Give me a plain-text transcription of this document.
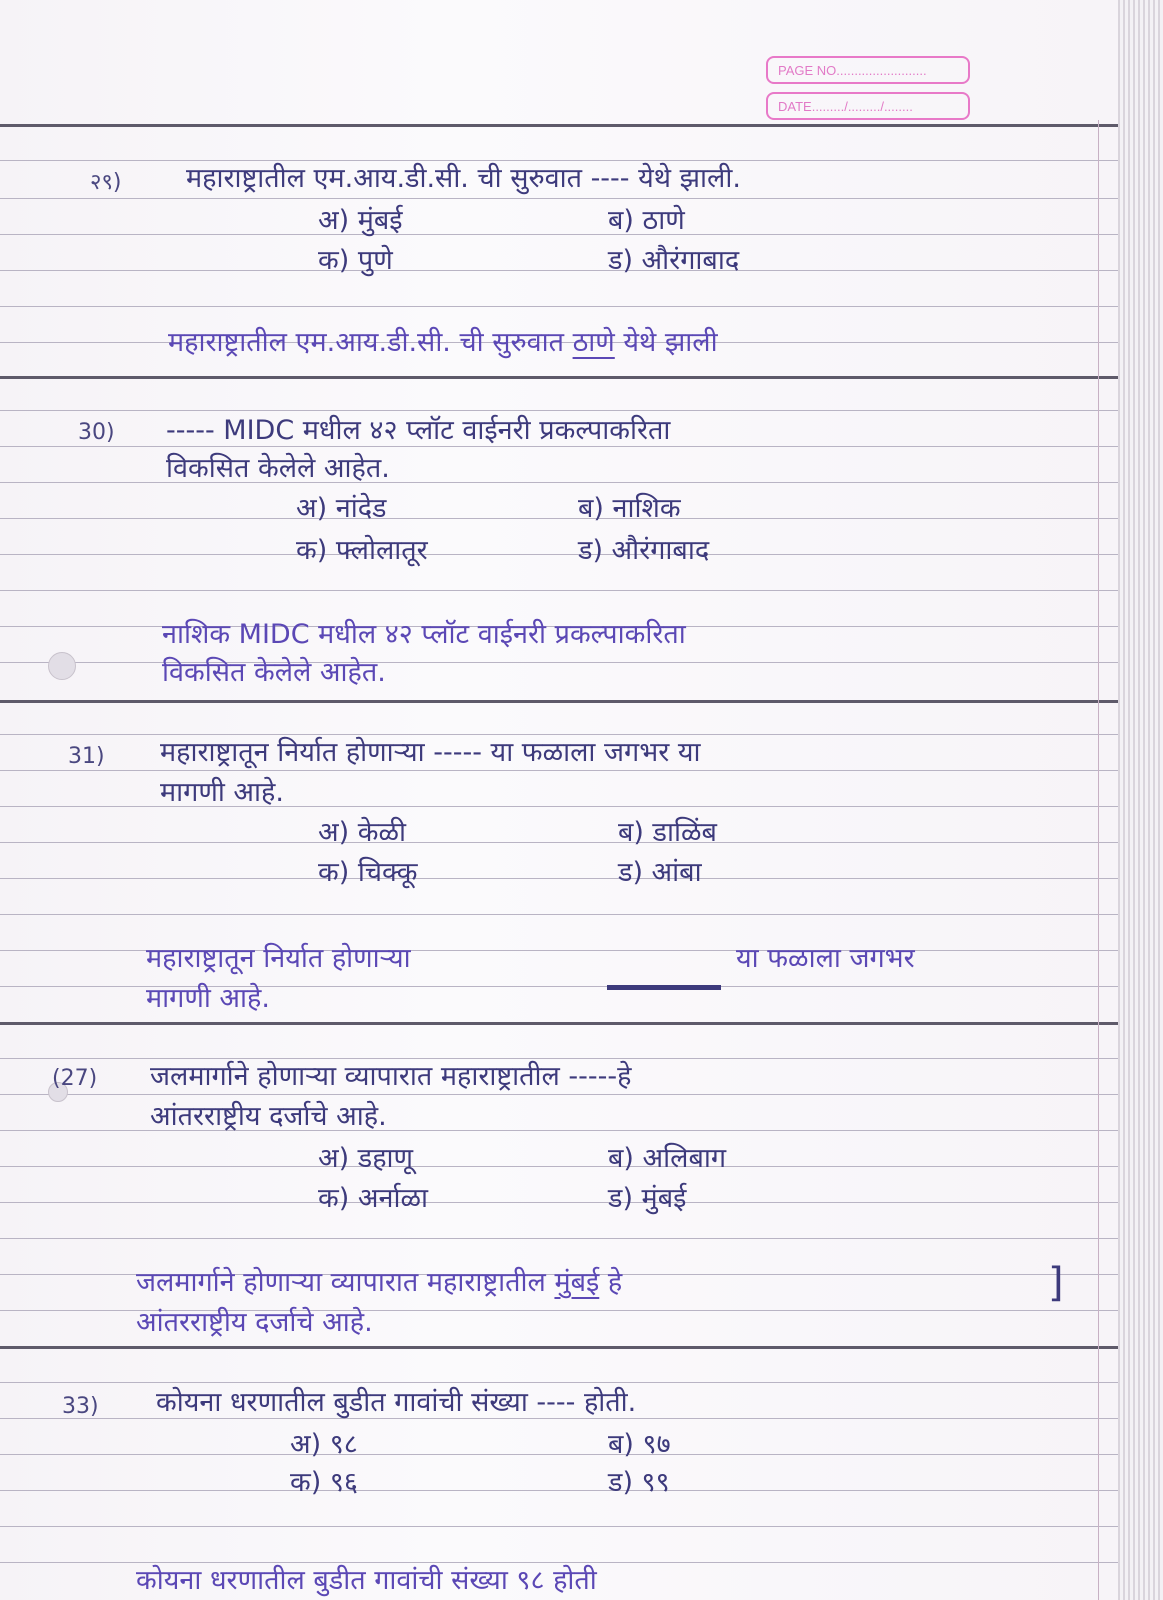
PAGE NO.........................
DATE........./........./........
२९) महाराष्ट्रातील एम.आय.डी.सी. ची सुरुवात ---- येथे झाली.
अ) मुंबई	ब) ठाणे
क) पुणे	ड) औरंगाबाद
महाराष्ट्रातील एम.आय.डी.सी. ची सुरुवात ठाणे येथे झाली
30) ----- MIDC मधील ४२ प्लॉट वाईनरी प्रकल्पाकरिता
विकसित केलेले आहेत.
अ) नांदेड	ब) नाशिक
क) फ्लोलातूर	ड) औरंगाबाद
नाशिक MIDC मधील ४२ प्लॉट वाईनरी प्रकल्पाकरिता
विकसित केलेले आहेत.
31) महाराष्ट्रातून निर्यात होणाऱ्या ----- या फळाला जगभर या
मागणी आहे.
अ) केळी	ब) डाळिंब
क) चिक्कू	ड) आंबा
महाराष्ट्रातून निर्यात होणाऱ्या	या फळाला जगभर
मागणी आहे.
(27) जलमार्गाने होणाऱ्या व्यापारात महाराष्ट्रातील -----हे
आंतरराष्ट्रीय दर्जाचे आहे.
अ) डहाणू	ब) अलिबाग
क) अर्नाळा	ड) मुंबई
जलमार्गाने होणाऱ्या व्यापारात महाराष्ट्रातील मुंबई हे
आंतरराष्ट्रीय दर्जाचे आहे.
]
33) कोयना धरणातील बुडीत गावांची संख्या ---- होती.
अ) ९८	ब) ९७
क) ९६	ड) ९९
कोयना धरणातील बुडीत गावांची संख्या ९८ होती
